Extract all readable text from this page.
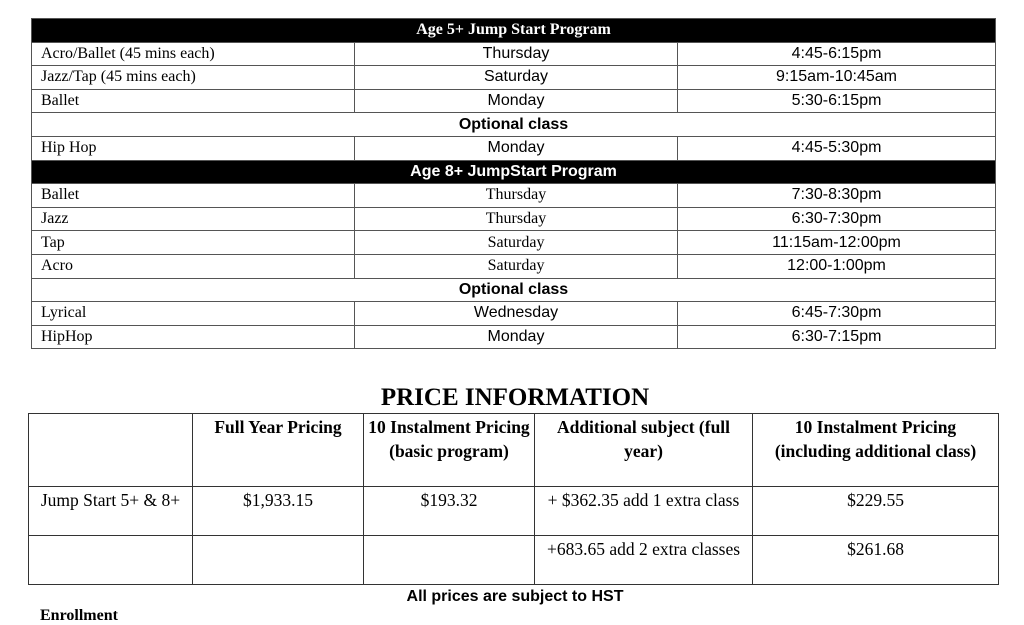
Age 5+ Jump Start Program		
Acro/Ballet (45 mins each)	Thursday	4:45-6:15pm
Jazz/Tap (45 mins each)	Saturday	9:15am-10:45am
Ballet	Monday	5:30-6:15pm
Optional class		
Hip Hop	Monday	4:45-5:30pm
Age 8+ JumpStart Program		
Ballet	Thursday	7:30-8:30pm
Jazz	Thursday	6:30-7:30pm
Tap	Saturday	11:15am-12:00pm
Acro	Saturday	12:00-1:00pm
Optional class		
Lyrical	Wednesday	6:45-7:30pm
HipHop	Monday	6:30-7:15pm
PRICE INFORMATION
	Full Year Pricing	10 Instalment Pricing (basic program)	Additional subject (full year)	10 Instalment Pricing (including additional class)
Jump Start 5+ & 8+	$1,933.15	$193.32	+ $362.35 add 1 extra class	$229.55
			+683.65 add 2 extra classes	$261.68
All prices are subject to HST
Enrollment
